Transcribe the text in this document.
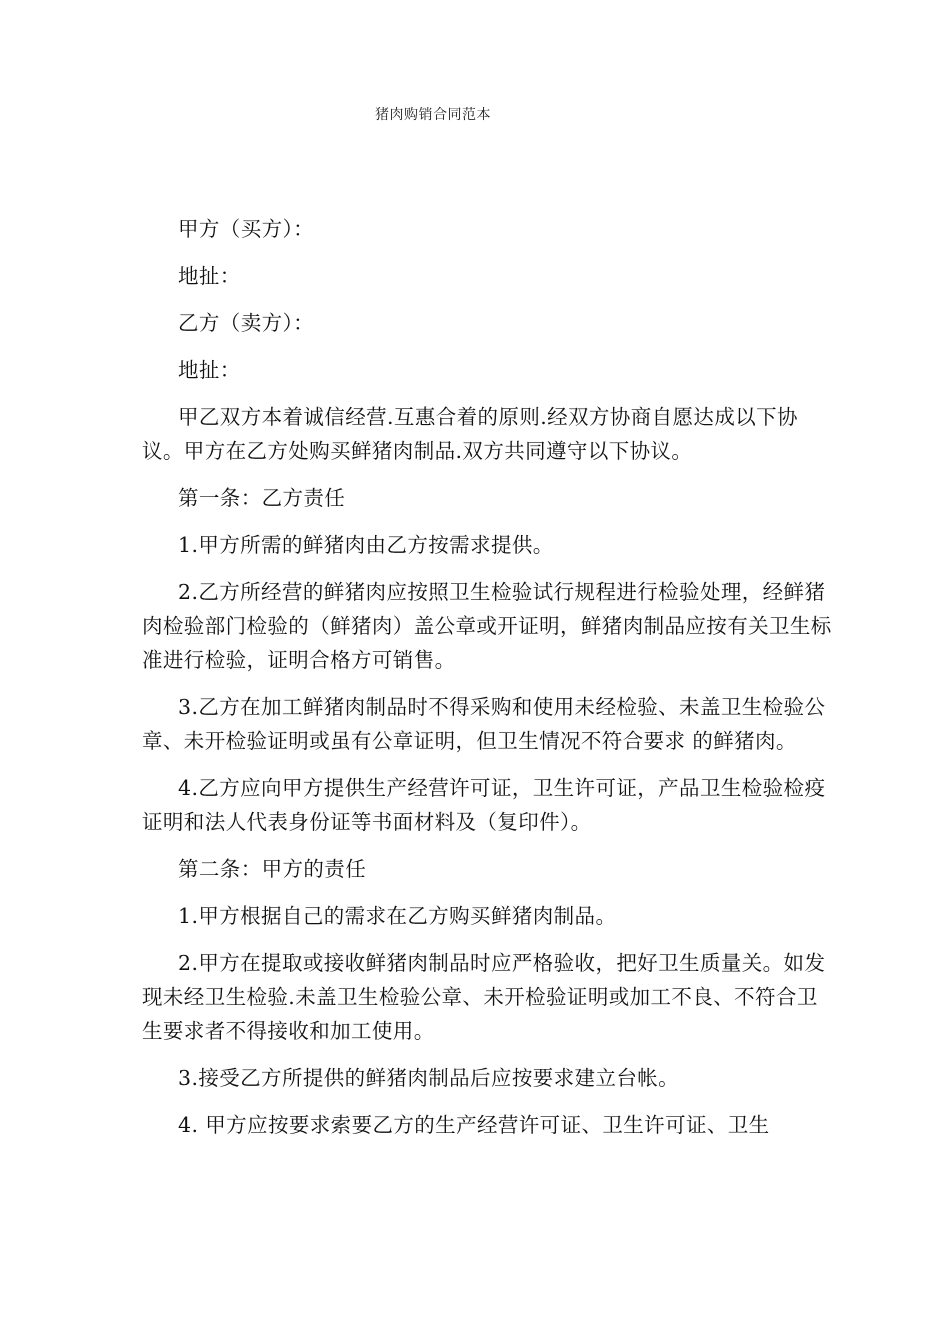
猪肉购销合同范本

甲方（买方）：

地扯：

乙方（卖方）：

地扯：

甲乙双方本着诚信经营.互惠合着的原则.经双方协商自愿达成以下协议。甲方在乙方处购买鲜猪肉制品.双方共同遵守以下协议。

第一条：乙方责任

1.甲方所需的鲜猪肉由乙方按需求提供。

2.乙方所经营的鲜猪肉应按照卫生检验试行规程进行检验处理，经鲜猪肉检验部门检验的（鲜猪肉）盖公章或开证明，鲜猪肉制品应按有关卫生标准进行检验，证明合格方可销售。

3.乙方在加工鲜猪肉制品时不得采购和使用未经检验、未盖卫生检验公章、未开检验证明或虽有公章证明，但卫生情况不符合要求 的鲜猪肉。

4.乙方应向甲方提供生产经营许可证，卫生许可证，产品卫生检验检疫证明和法人代表身份证等书面材料及（复印件）。

第二条：甲方的责任

1.甲方根据自己的需求在乙方购买鲜猪肉制品。

2.甲方在提取或接收鲜猪肉制品时应严格验收，把好卫生质量关。如发现未经卫生检验.未盖卫生检验公章、未开检验证明或加工不良、不符合卫生要求者不得接收和加工使用。

3.接受乙方所提供的鲜猪肉制品后应按要求建立台帐。

4. 甲方应按要求索要乙方的生产经营许可证、卫生许可证、卫生
